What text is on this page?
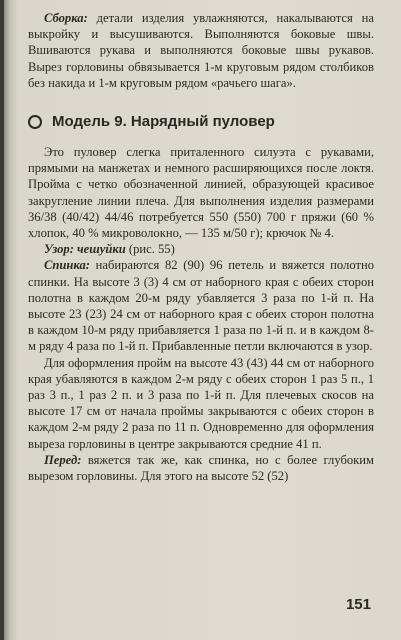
Сборка: детали изделия увлажняются, накалываются на выкройку и высушиваются. Выполняются боковые швы. Вшиваются рукава и выполняются боковые швы рукавов. Вырез горловины обвязывается 1-м круговым рядом столбиков без накида и 1-м круговым рядом «рачьего шага».

Модель 9. Нарядный пуловер

Это пуловер слегка приталенного силуэта с рукавами, прямыми на манжетах и немного расширяющихся после локтя. Пройма с четко обозначенной линией, образующей красивое закругление линии плеча. Для выполнения изделия размерами 36/38 (40/42) 44/46 потребуется 550 (550) 700 г пряжи (60 % хлопок, 40 % микроволокно, — 135 м/50 г); крючок № 4.

Узор: чешуйки (рис. 55)

Спинка: набираются 82 (90) 96 петель и вяжется полотно спинки. На высоте 3 (3) 4 см от наборного края с обеих сторон полотна в каждом 20-м ряду убавляется 3 раза по 1-й п. На высоте 23 (23) 24 см от наборного края с обеих сторон полотна в каждом 10-м ряду прибавляется 1 раза по 1-й п. и в каждом 8-м ряду 4 раза по 1-й п. Прибавленные петли включаются в узор.

Для оформления пройм на высоте 43 (43) 44 см от наборного края убавляются в каждом 2-м ряду с обеих сторон 1 раз 5 п., 1 раз 3 п., 1 раз 2 п. и 3 раза по 1-й п. Для плечевых скосов на высоте 17 см от начала проймы закрываются с обеих сторон в каждом 2-м ряду 2 раза по 11 п. Одновременно для оформления выреза горловины в центре закрываются средние 41 п.

Перед: вяжется так же, как спинка, но с более глубоким вырезом горловины. Для этого на высоте 52 (52)

151
